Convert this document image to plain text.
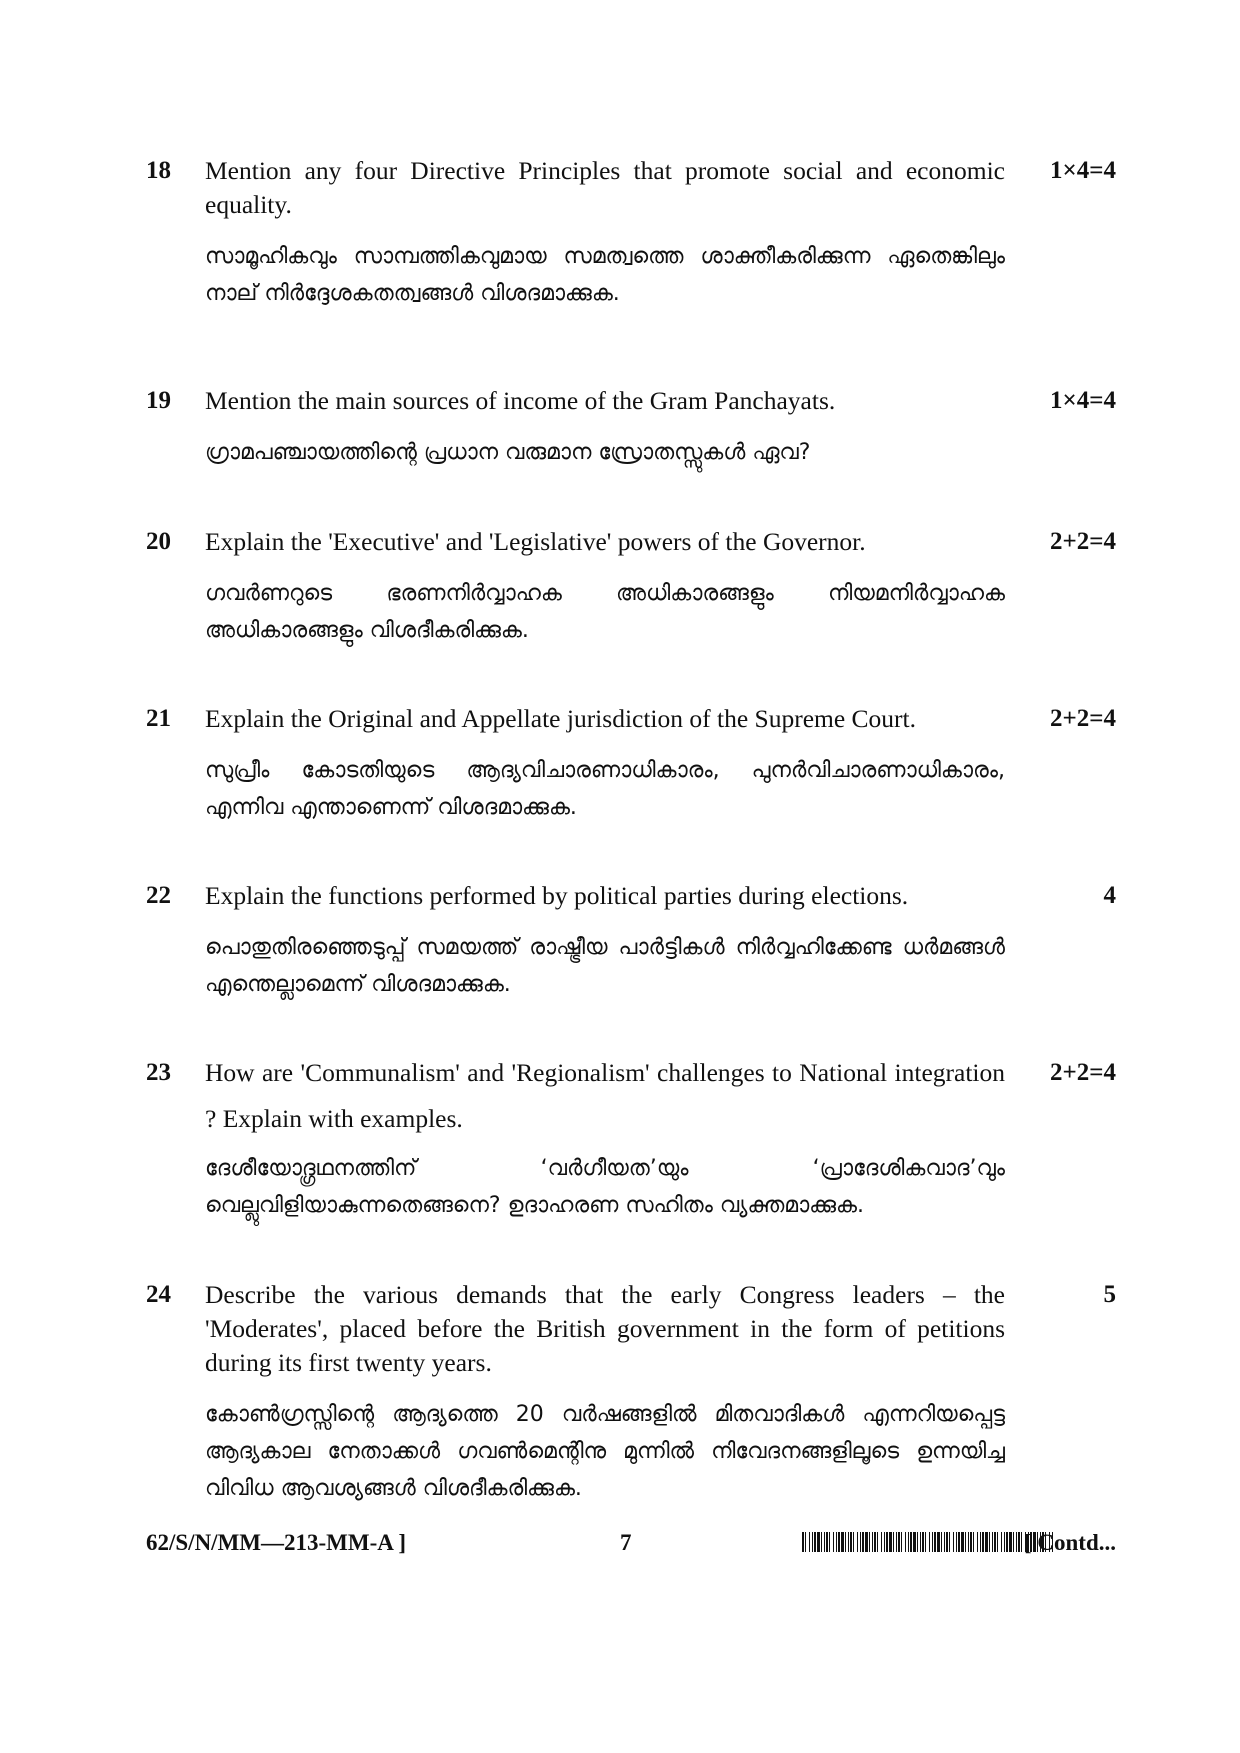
18	1×4=4
Mention any four Directive Principles that promote social and economic equality.
സാമൂഹികവും സാമ്പത്തികവുമായ സമത്വത്തെ ശാക്തീകരിക്കുന്ന ഏതെങ്കിലും നാല് നിർദ്ദേശകതത്വങ്ങൾ വിശദമാക്കുക.
19	1×4=4
Mention the main sources of income of the Gram Panchayats.
ഗ്രാമപഞ്ചായത്തിന്റെ പ്രധാന വരുമാന സ്രോതസ്സുകൾ ഏവ?
20	2+2=4
Explain the 'Executive' and 'Legislative' powers of the Governor.
ഗവർണറുടെ ഭരണനിർവ്വാഹക അധികാരങ്ങളും നിയമനിർവ്വാഹക അധികാരങ്ങളും വിശദീകരിക്കുക.
21	2+2=4
Explain the Original and Appellate jurisdiction of the Supreme Court.
സുപ്രീം കോടതിയുടെ ആദ്യവിചാരണാധികാരം, പുനർവിചാരണാധികാരം, എന്നിവ എന്താണെന്ന് വിശദമാക്കുക.
22	4
Explain the functions performed by political parties during elections.
പൊതുതിരഞ്ഞെടുപ്പ് സമയത്ത് രാഷ്ട്രീയ പാർട്ടികൾ നിർവ്വഹിക്കേണ്ട ധർമങ്ങൾ എന്തെല്ലാമെന്ന് വിശദമാക്കുക.
23	2+2=4
How are 'Communalism' and 'Regionalism' challenges to National integration ? Explain with examples.
ദേശീയോദ്ഗ്രഥനത്തിന് ‘വർഗീയത’യും ‘പ്രാദേശികവാദ’വും വെല്ലുവിളിയാകുന്നതെങ്ങനെ? ഉദാഹരണ സഹിതം വ്യക്തമാക്കുക.
24	5
Describe the various demands that the early Congress leaders – the 'Moderates', placed before the British government in the form of petitions during its first twenty years.
കോൺഗ്രസ്സിന്റെ ആദ്യത്തെ 20 വർഷങ്ങളിൽ മിതവാദികൾ എന്നറിയപ്പെട്ട ആദ്യകാല നേതാക്കൾ ഗവൺമെന്റിനു മുന്നിൽ നിവേദനങ്ങളിലൂടെ ഉന്നയിച്ച വിവിധ ആവശ്യങ്ങൾ വിശദീകരിക്കുക.
62/S/N/MM—213-MM-A ]	7	[ Contd...
